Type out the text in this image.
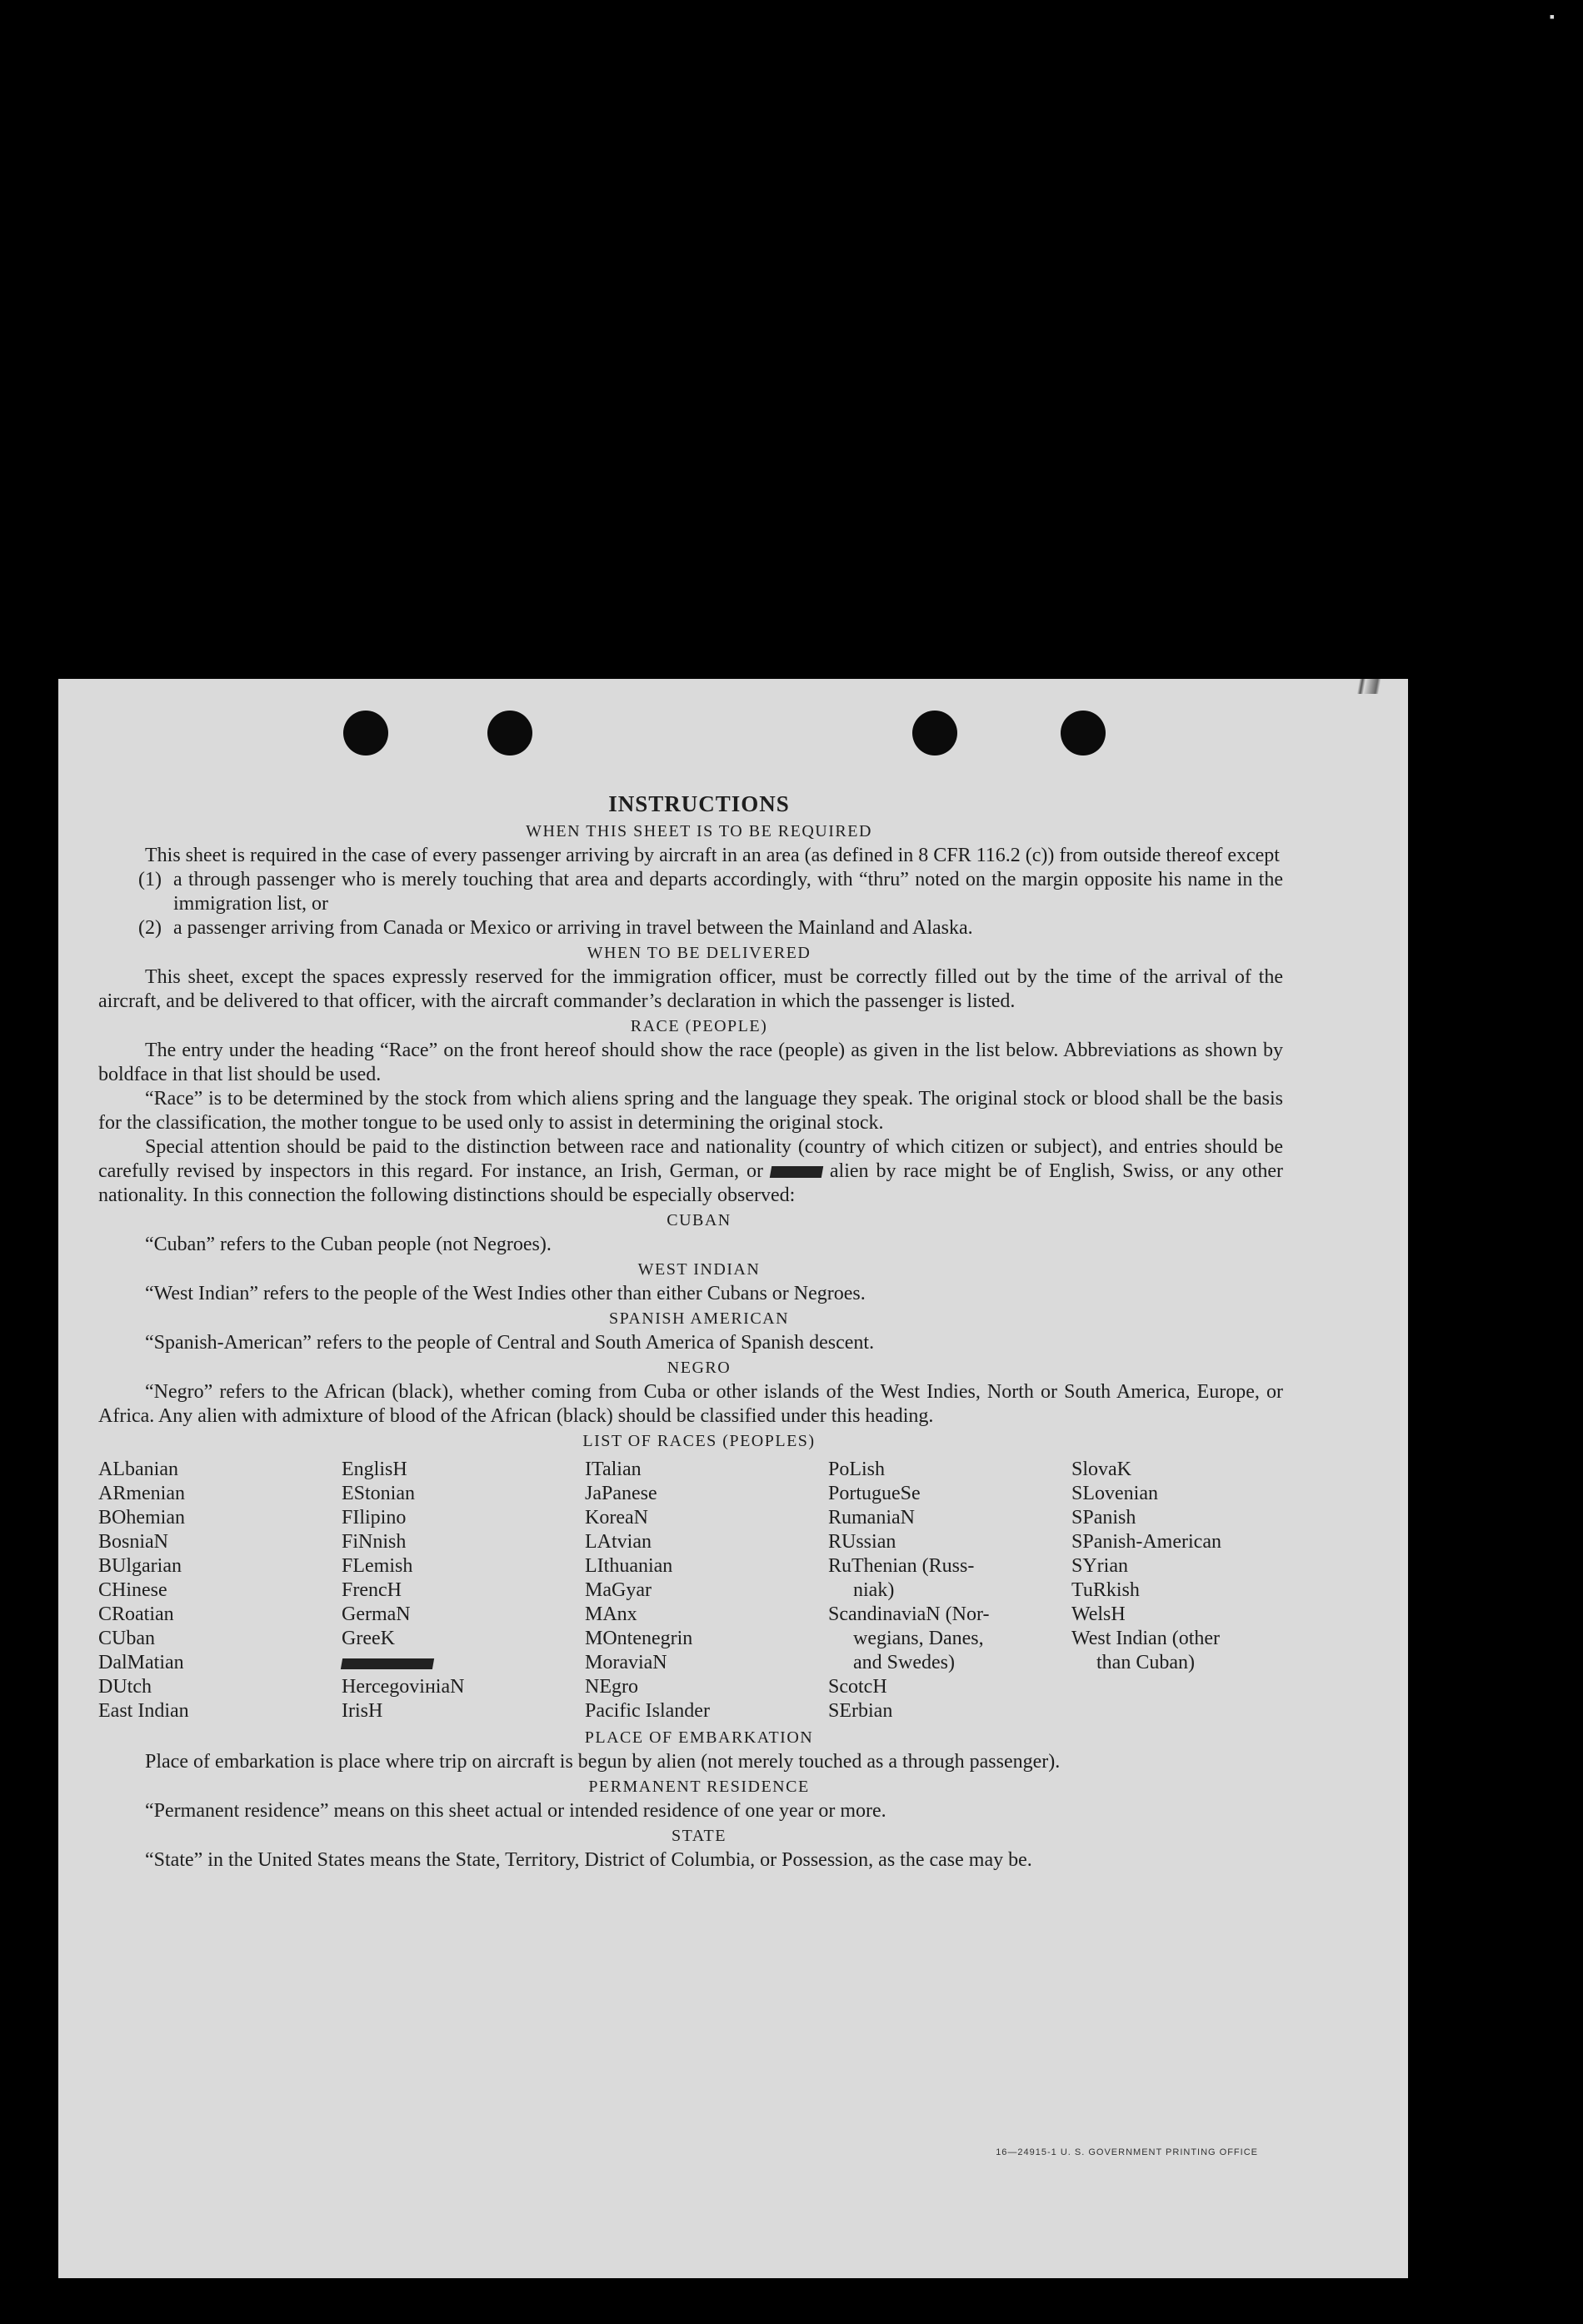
▪
INSTRUCTIONS
WHEN THIS SHEET IS TO BE REQUIRED

This sheet is required in the case of every passenger arriving by aircraft in an area (as defined in 8 CFR 116.2 (c)) from outside thereof except

(1) a through passenger who is merely touching that area and departs accordingly, with “thru” noted on the margin opposite his name in the immigration list, or
(2) a passenger arriving from Canada or Mexico or arriving in travel between the Mainland and Alaska.
WHEN TO BE DELIVERED

This sheet, except the spaces expressly reserved for the immigration officer, must be correctly filled out by the time of the arrival of the aircraft, and be delivered to that officer, with the aircraft commander’s declaration in which the passenger is listed.

RACE (PEOPLE)

The entry under the heading “Race” on the front hereof should show the race (people) as given in the list below. Abbreviations as shown by boldface in that list should be used.

“Race” is to be determined by the stock from which aliens spring and the language they speak. The original stock or blood shall be the basis for the classification, the mother tongue to be used only to assist in determining the original stock.

Special attention should be paid to the distinction between race and nationality (country of which citizen or subject), and entries should be carefully revised by inspectors in this regard. For instance, an Irish, German, or	alien by race might be of English, Swiss, or any other nationality. In this connection the following distinctions should be especially observed:

CUBAN

“Cuban” refers to the Cuban people (not Negroes).

WEST INDIAN

“West Indian” refers to the people of the West Indies other than either Cubans or Negroes.

SPANISH AMERICAN

“Spanish-American” refers to the people of Central and South America of Spanish descent.

NEGRO

“Negro” refers to the African (black), whether coming from Cuba or other islands of the West Indies, North or South America, Europe, or Africa. Any alien with admixture of blood of the African (black) should be classified under this heading.

LIST OF RACES (PEOPLES)
ALbanian
ARmenian
BOhemian
BosniaN
BUlgarian
CHinese
CRoatian
CUban
DalMatian
DUtch
East Indian
EnglisH
EStonian
FIlipino
FiNnish
FLemish
FrencH
GermaN
GreeK
HercegovініaN
IrisH
ITalian
JaPanese
KoreaN
LAtvian
LIthuanian
MaGyar
MAnx
MOntenegrin
MoraviaN
NEgro
Pacific Islander
PoLish
PortugueSe
RumaniaN
RUssian
RuThenian (Russ-
niak)
ScandinaviaN (Nor-
wegians, Danes,
and Swedes)
ScotcH
SErbian
SlovaK
SLovenian
SPanish
SPanish-American
SYrian
TuRkish
WelsH
West Indian (other
than Cuban)
PLACE OF EMBARKATION

Place of embarkation is place where trip on aircraft is begun by alien (not merely touched as a through passenger).

PERMANENT RESIDENCE

“Permanent residence” means on this sheet actual or intended residence of one year or more.

STATE

“State” in the United States means the State, Territory, District of Columbia, or Possession, as the case may be.

16—24915-1 U. S. GOVERNMENT PRINTING OFFICE
